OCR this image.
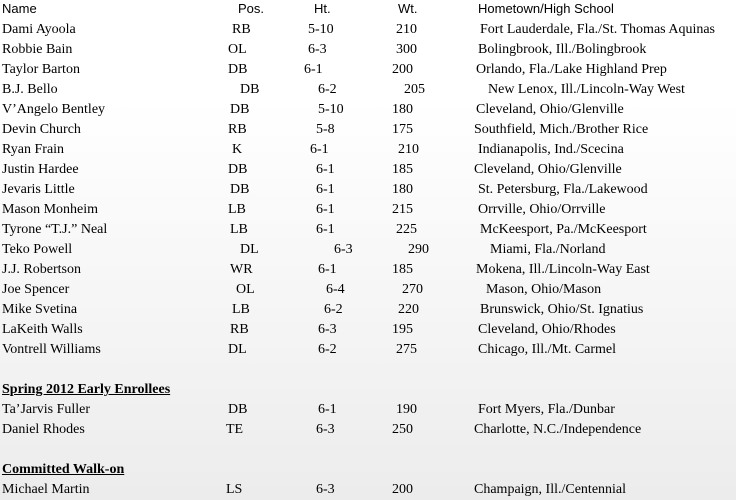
Name	Pos.	Ht.	Wt.	Hometown/High School
Dami Ayoola	RB	5-10	210	Fort Lauderdale, Fla./St. Thomas Aquinas
Robbie Bain	OL	6-3	300	Bolingbrook, Ill./Bolingbrook
Taylor Barton	DB	6-1	200	Orlando, Fla./Lake Highland Prep
B.J. Bello	DB	6-2	205	New Lenox, Ill./Lincoln-Way West
V’Angelo Bentley	DB	5-10	180	Cleveland, Ohio/Glenville
Devin Church	RB	5-8	175	Southfield, Mich./Brother Rice
Ryan Frain	K	6-1	210	Indianapolis, Ind./Scecina
Justin Hardee	DB	6-1	185	Cleveland, Ohio/Glenville
Jevaris Little	DB	6-1	180	St. Petersburg, Fla./Lakewood
Mason Monheim	LB	6-1	215	Orrville, Ohio/Orrville
Tyrone “T.J.” Neal	LB	6-1	225	McKeesport, Pa./McKeesport
Teko Powell	DL	6-3	290	Miami, Fla./Norland
J.J. Robertson	WR	6-1	185	Mokena, Ill./Lincoln-Way East
Joe Spencer	OL	6-4	270	Mason, Ohio/Mason
Mike Svetina	LB	6-2	220	Brunswick, Ohio/St. Ignatius
LaKeith Walls	RB	6-3	195	Cleveland, Ohio/Rhodes
Vontrell Williams	DL	6-2	275	Chicago, Ill./Mt. Carmel
Spring 2012 Early Enrollees
Ta’Jarvis Fuller	DB	6-1	190	Fort Myers, Fla./Dunbar
Daniel Rhodes	TE	6-3	250	Charlotte, N.C./Independence
Committed Walk-on
Michael Martin	LS	6-3	200	Champaign, Ill./Centennial
